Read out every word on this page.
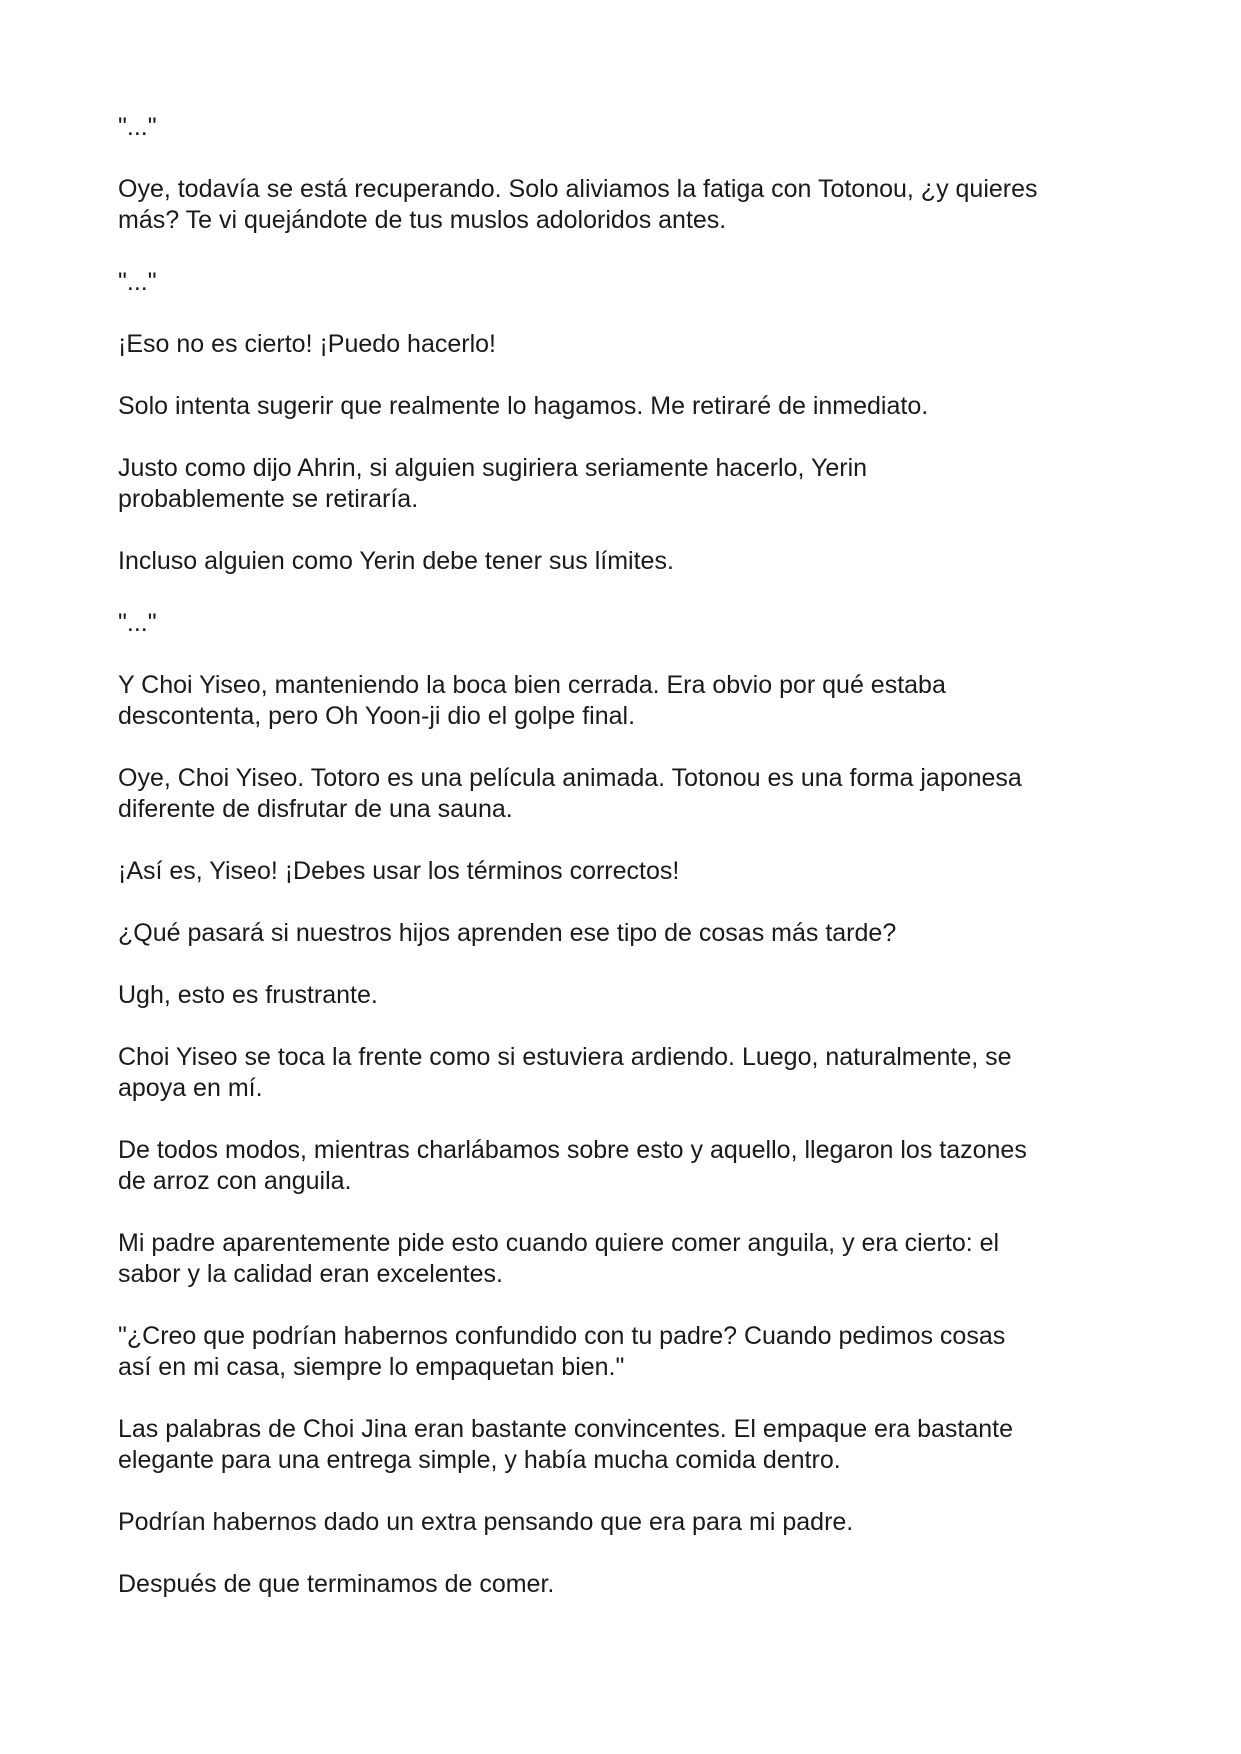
"..."

Oye, todavía se está recuperando. Solo aliviamos la fatiga con Totonou, ¿y quieres
más? Te vi quejándote de tus muslos adoloridos antes.

"..."

¡Eso no es cierto! ¡Puedo hacerlo!

Solo intenta sugerir que realmente lo hagamos. Me retiraré de inmediato.

Justo como dijo Ahrin, si alguien sugiriera seriamente hacerlo, Yerin
probablemente se retiraría.

Incluso alguien como Yerin debe tener sus límites.

"..."

Y Choi Yiseo, manteniendo la boca bien cerrada. Era obvio por qué estaba
descontenta, pero Oh Yoon-ji dio el golpe final.

Oye, Choi Yiseo. Totoro es una película animada. Totonou es una forma japonesa
diferente de disfrutar de una sauna.

¡Así es, Yiseo! ¡Debes usar los términos correctos!

¿Qué pasará si nuestros hijos aprenden ese tipo de cosas más tarde?

Ugh, esto es frustrante.

Choi Yiseo se toca la frente como si estuviera ardiendo. Luego, naturalmente, se
apoya en mí.

De todos modos, mientras charlábamos sobre esto y aquello, llegaron los tazones
de arroz con anguila.

Mi padre aparentemente pide esto cuando quiere comer anguila, y era cierto: el
sabor y la calidad eran excelentes.

"¿Creo que podrían habernos confundido con tu padre? Cuando pedimos cosas
así en mi casa, siempre lo empaquetan bien."

Las palabras de Choi Jina eran bastante convincentes. El empaque era bastante
elegante para una entrega simple, y había mucha comida dentro.

Podrían habernos dado un extra pensando que era para mi padre.

Después de que terminamos de comer.
